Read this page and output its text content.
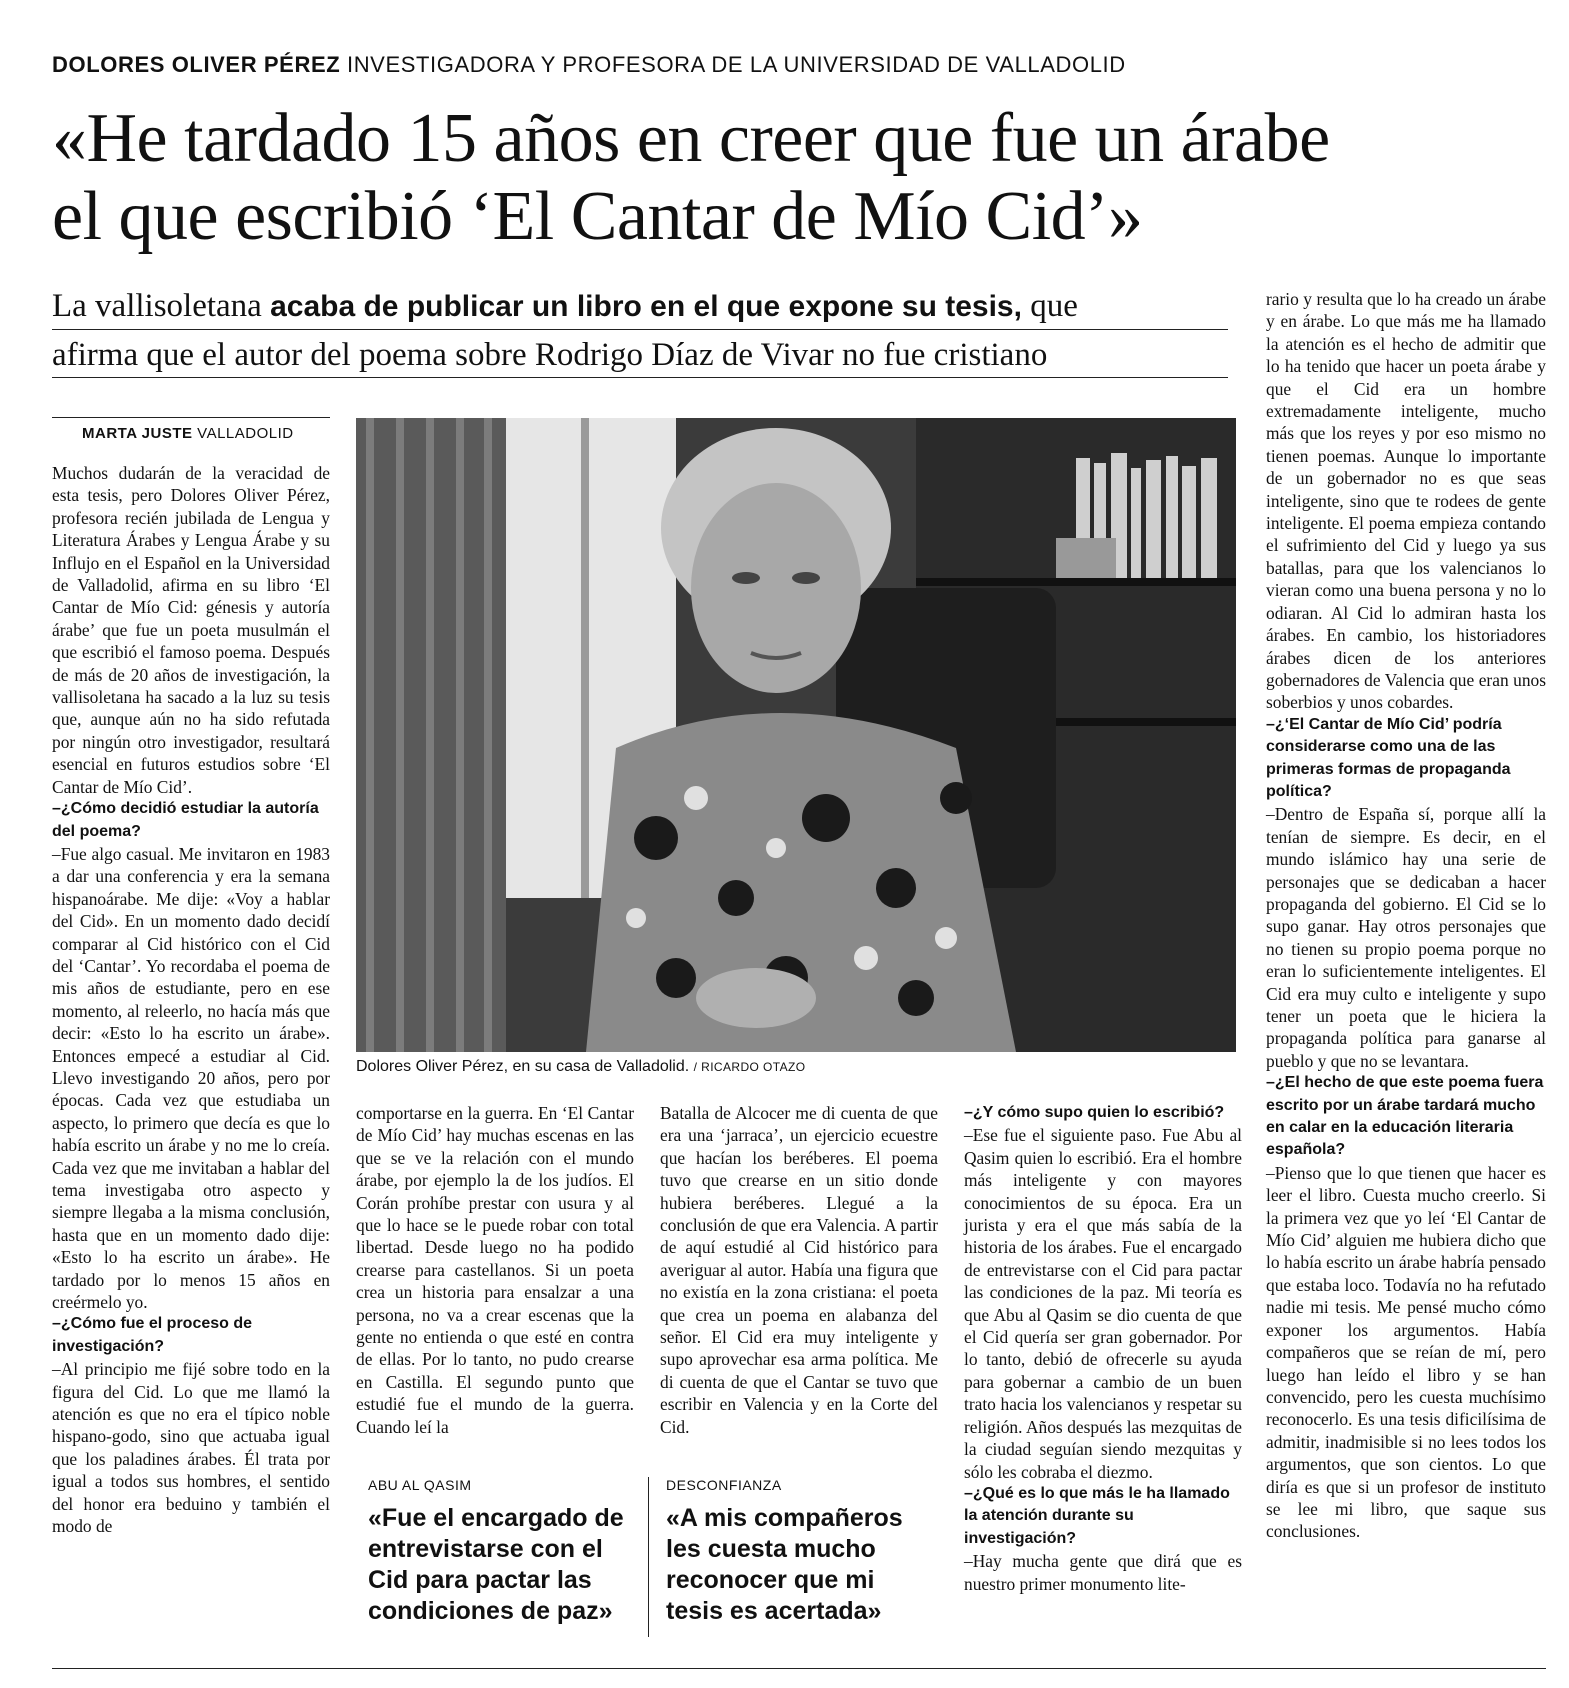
DOLORES OLIVER PÉREZ INVESTIGADORA Y PROFESORA DE LA UNIVERSIDAD DE VALLADOLID
«He tardado 15 años en creer que fue un árabe
el que escribió ‘El Cantar de Mío Cid’»
La vallisoletana acaba de publicar un libro en el que expone su tesis, que
afirma que el autor del poema sobre Rodrigo Díaz de Vivar no fue cristiano
MARTA JUSTE VALLADOLID

Muchos dudarán de la veracidad de esta tesis, pero Dolores Oliver Pérez, profesora recién jubilada de Lengua y Literatura Árabes y Lengua Árabe y su Influjo en el Español en la Universidad de Valladolid, afirma en su libro ‘El Cantar de Mío Cid: génesis y autoría árabe’ que fue un poeta musulmán el que escribió el famoso poema. Después de más de 20 años de investigación, la vallisoletana ha sacado a la luz su tesis que, aunque aún no ha sido refutada por ningún otro investigador, resultará esencial en futuros estudios sobre ‘El Cantar de Mío Cid’.

–¿Cómo decidió estudiar la autoría del poema?

–Fue algo casual. Me invitaron en 1983 a dar una conferencia y era la semana hispanoárabe. Me dije: «Voy a hablar del Cid». En un momento dado decidí comparar al Cid histórico con el Cid del ‘Cantar’. Yo recordaba el poema de mis años de estudiante, pero en ese momento, al releerlo, no hacía más que decir: «Esto lo ha escrito un árabe». Entonces empecé a estudiar al Cid. Llevo investigando 20 años, pero por épocas. Cada vez que estudiaba un aspecto, lo primero que decía es que lo había escrito un árabe y no me lo creía. Cada vez que me invitaban a hablar del tema investigaba otro aspecto y siempre llegaba a la misma conclusión, hasta que en un momento dado dije: «Esto lo ha escrito un árabe». He tardado por lo menos 15 años en creérmelo yo.

–¿Cómo fue el proceso de investigación?

–Al principio me fijé sobre todo en la figura del Cid. Lo que me llamó la atención es que no era el típico noble hispano-godo, sino que actuaba igual que los paladines árabes. Él trata por igual a todos sus hombres, el sentido del honor era beduino y también el modo de

Dolores Oliver Pérez, en su casa de Valladolid. / RICARDO OTAZO

comportarse en la guerra. En ‘El Cantar de Mío Cid’ hay muchas escenas en las que se ve la relación con el mundo árabe, por ejemplo la de los judíos. El Corán prohíbe prestar con usura y al que lo hace se le puede robar con total libertad. Desde luego no ha podido crearse para castellanos. Si un poeta crea un historia para ensalzar a una persona, no va a crear escenas que la gente no entienda o que esté en contra de ellas. Por lo tanto, no pudo crearse en Castilla. El segundo punto que estudié fue el mundo de la guerra. Cuando leí la

Batalla de Alcocer me di cuenta de que era una ‘jarraca’, un ejercicio ecuestre que hacían los beréberes. El poema tuvo que crearse en un sitio donde hubiera beréberes. Llegué a la conclusión de que era Valencia. A partir de aquí estudié al Cid histórico para averiguar al autor. Había una figura que no existía en la zona cristiana: el poeta que crea un poema en alabanza del señor. El Cid era muy inteligente y supo aprovechar esa arma política. Me di cuenta de que el Cantar se tuvo que escribir en Valencia y en la Corte del Cid.

ABU AL QASIM
«Fue el encargado de entrevistarse con el Cid para pactar las condiciones de paz»
DESCONFIANZA
«A mis compañeros les cuesta mucho reconocer que mi tesis es acertada»

–¿Y cómo supo quien lo escribió?

–Ese fue el siguiente paso. Fue Abu al Qasim quien lo escribió. Era el hombre más inteligente y con mayores conocimientos de su época. Era un jurista y era el que más sabía de la historia de los árabes. Fue el encargado de entrevistarse con el Cid para pactar las condiciones de la paz. Mi teoría es que Abu al Qasim se dio cuenta de que el Cid quería ser gran gobernador. Por lo tanto, debió de ofrecerle su ayuda para gobernar a cambio de un buen trato hacia los valencianos y respetar su religión. Años después las mezquitas de la ciudad seguían siendo mezquitas y sólo les cobraba el diezmo.

–¿Qué es lo que más le ha llamado la atención durante su investigación?

–Hay mucha gente que dirá que es nuestro primer monumento lite-

rario y resulta que lo ha creado un árabe y en árabe. Lo que más me ha llamado la atención es el hecho de admitir que lo ha tenido que hacer un poeta árabe y que el Cid era un hombre extremadamente inteligente, mucho más que los reyes y por eso mismo no tienen poemas. Aunque lo importante de un gobernador no es que seas inteligente, sino que te rodees de gente inteligente. El poema empieza contando el sufrimiento del Cid y luego ya sus batallas, para que los valencianos lo vieran como una buena persona y no lo odiaran. Al Cid lo admiran hasta los árabes. En cambio, los historiadores árabes dicen de los anteriores gobernadores de Valencia que eran unos soberbios y unos cobardes.

–¿‘El Cantar de Mío Cid’ podría considerarse como una de las primeras formas de propaganda política?

–Dentro de España sí, porque allí la tenían de siempre. Es decir, en el mundo islámico hay una serie de personajes que se dedicaban a hacer propaganda del gobierno. El Cid se lo supo ganar. Hay otros personajes que no tienen su propio poema porque no eran lo suficientemente inteligentes. El Cid era muy culto e inteligente y supo tener un poeta que le hiciera la propaganda política para ganarse al pueblo y que no se levantara.

–¿El hecho de que este poema fuera escrito por un árabe tardará mucho en calar en la educación literaria española?

–Pienso que lo que tienen que hacer es leer el libro. Cuesta mucho creerlo. Si la primera vez que yo leí ‘El Cantar de Mío Cid’ alguien me hubiera dicho que lo había escrito un árabe habría pensado que estaba loco. Todavía no ha refutado nadie mi tesis. Me pensé mucho cómo exponer los argumentos. Había compañeros que se reían de mí, pero luego han leído el libro y se han convencido, pero les cuesta muchísimo reconocerlo. Es una tesis dificilísima de admitir, inadmisible si no lees todos los argumentos, que son cientos. Lo que diría es que si un profesor de instituto se lee mi libro, que saque sus conclusiones.
